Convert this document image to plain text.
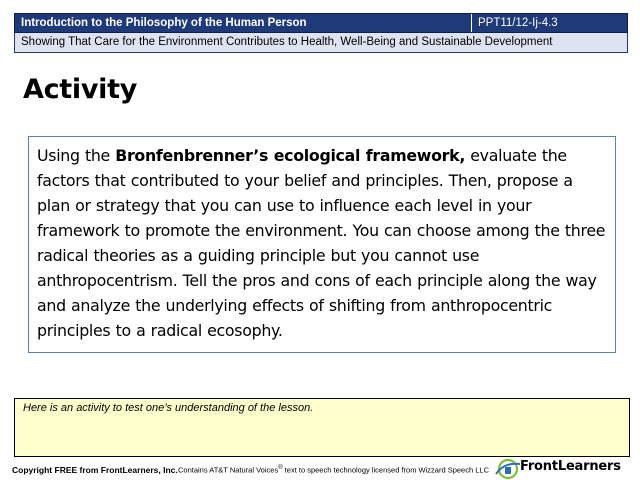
Introduction to the Philosophy of the Human Person	PPT11/12-Ij-4.3
Showing That Care for the Environment Contributes to Health, Well-Being and Sustainable Development
Activity

Using the Bronfenbrenner’s ecological framework, evaluate the factors that contributed to your belief and principles. Then, propose a plan or strategy that you can use to influence each level in your framework to promote the environment. You can choose among the three radical theories as a guiding principle but you cannot use anthropocentrism. Tell the pros and cons of each principle along the way and analyze the underlying effects of shifting from anthropocentric principles to a radical ecosophy.

Here is an activity to test one’s understanding of the lesson.
Copyright FREE from FrontLearners, Inc. Contains AT&T Natural Voices® text to speech technology licensed from Wizzard Speech LLC FrontLearners
